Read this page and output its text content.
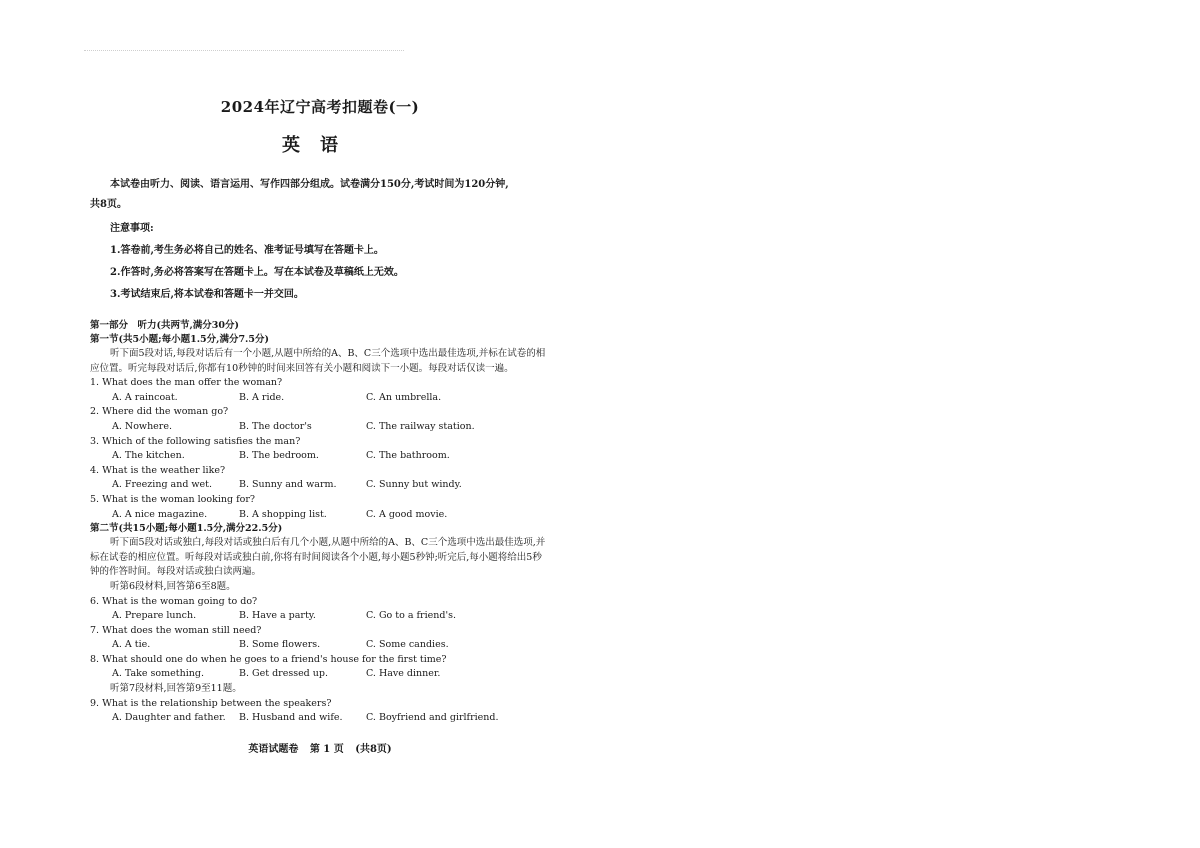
2024年辽宁高考扣题卷(一)
英语

本试卷由听力、阅读、语言运用、写作四部分组成。试卷满分150分,考试时间为120分钟,

共8页。

注意事项:

1.答卷前,考生务必将自己的姓名、准考证号填写在答题卡上。

2.作答时,务必将答案写在答题卡上。写在本试卷及草稿纸上无效。

3.考试结束后,将本试卷和答题卡一并交回。

第一部分　听力(共两节,满分30分)

第一节(共5小题;每小题1.5分,满分7.5分)

听下面5段对话,每段对话后有一个小题,从题中所给的A、B、C三个选项中选出最佳选项,并标在试卷的相应位置。听完每段对话后,你都有10秒钟的时间来回答有关小题和阅读下一小题。每段对话仅读一遍。

1. What does the man offer the woman?

A. A raincoat.	B. A ride.	C. An umbrella.

2. Where did the woman go?

A. Nowhere.	B. The doctor's	C. The railway station.

3. Which of the following satisfies the man?

A. The kitchen.	B. The bedroom.	C. The bathroom.

4. What is the weather like?

A. Freezing and wet.	B. Sunny and warm.	C. Sunny but windy.

5. What is the woman looking for?

A. A nice magazine.	B. A shopping list.	C. A good movie.

第二节(共15小题;每小题1.5分,满分22.5分)

听下面5段对话或独白,每段对话或独白后有几个小题,从题中所给的A、B、C三个选项中选出最佳选项,并标在试卷的相应位置。听每段对话或独白前,你将有时间阅读各个小题,每小题5秒钟;听完后,每小题将给出5秒钟的作答时间。每段对话或独白读两遍。

听第6段材料,回答第6至8题。

6. What is the woman going to do?

A. Prepare lunch.	B. Have a party.	C. Go to a friend's.

7. What does the woman still need?

A. A tie.	B. Some flowers.	C. Some candies.

8. What should one do when he goes to a friend's house for the first time?

A. Take something.	B. Get dressed up.	C. Have dinner.

听第7段材料,回答第9至11题。

9. What is the relationship between the speakers?

A. Daughter and father.	B. Husband and wife.	C. Boyfriend and girlfriend.
英语试题卷 第 1 页 (共8页)
